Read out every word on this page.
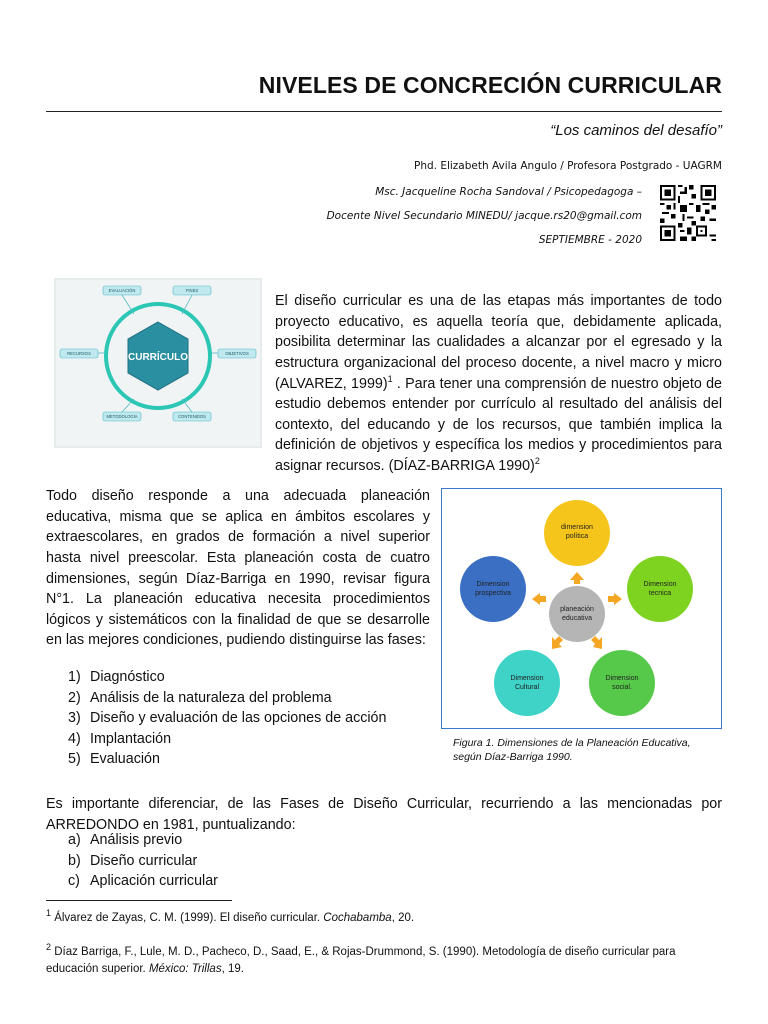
NIVELES DE CONCRECIÓN CURRICULAR
“Los caminos del desafío”
Phd. Elizabeth Avila Angulo / Profesora Postgrado - UAGRM
Msc. Jacqueline Rocha Sandoval / Psicopedagoga –
Docente Nivel Secundario MINEDU/ jacque.rs20@gmail.com
SEPTIEMBRE - 2020
CURRÍCULO
EVALUACIÓN	FINES
OBJETIVOS
CONTENIDOS
METODOLOGÍA
RECURSOS

El diseño curricular es una de las etapas más importantes de todo proyecto educativo, es aquella teoría que, debidamente aplicada, posibilita determinar las cualidades a alcanzar por el egresado y la estructura organizacional del proceso docente, a nivel macro y micro (ALVAREZ, 1999)$^1$ . Para tener una comprensión de nuestro objeto de estudio debemos entender por currículo al resultado del análisis del contexto, del educando y de los recursos, que también implica la definición de objetivos y específica los medios y procedimientos para asignar recursos. (DÍAZ-BARRIGA 1990)$^2$

Todo diseño responde a una adecuada planeación educativa, misma que se aplica en ámbitos escolares y extraescolares, en grados de formación a nivel superior hasta nivel preescolar. Esta planeación costa de cuatro dimensiones, según Díaz-Barriga en 1990, revisar figura N°1. La planeación educativa necesita procedimientos lógicos y sistemáticos con la finalidad de que se desarrolle en las mejores condiciones, pudiendo distinguirse las fases:

1) Diagnóstico
2) Análisis de la naturaleza del problema
3) Diseño y evaluación de las opciones de acción
4) Implantación
5) Evaluación
dimension
política
Dimension
tecnica
Dimension
social.
Dimension
Cultural
Dimension
prospectiva
planeación
educativa
Figura 1. Dimensiones de la Planeación Educativa,
según Díaz-Barriga 1990.

Es importante diferenciar, de las Fases de Diseño Curricular, recurriendo a las mencionadas por ARREDONDO en 1981, puntualizando:

a) Análisis previo
b) Diseño curricular
c) Aplicación curricular
$^1$ Álvarez de Zayas, C. M. (1999). El diseño curricular. Cochabamba, 20.
$^2$ Díaz Barriga, F., Lule, M. D., Pacheco, D., Saad, E., & Rojas-Drummond, S. (1990). Metodología de diseño curricular para educación superior. México: Trillas, 19.
